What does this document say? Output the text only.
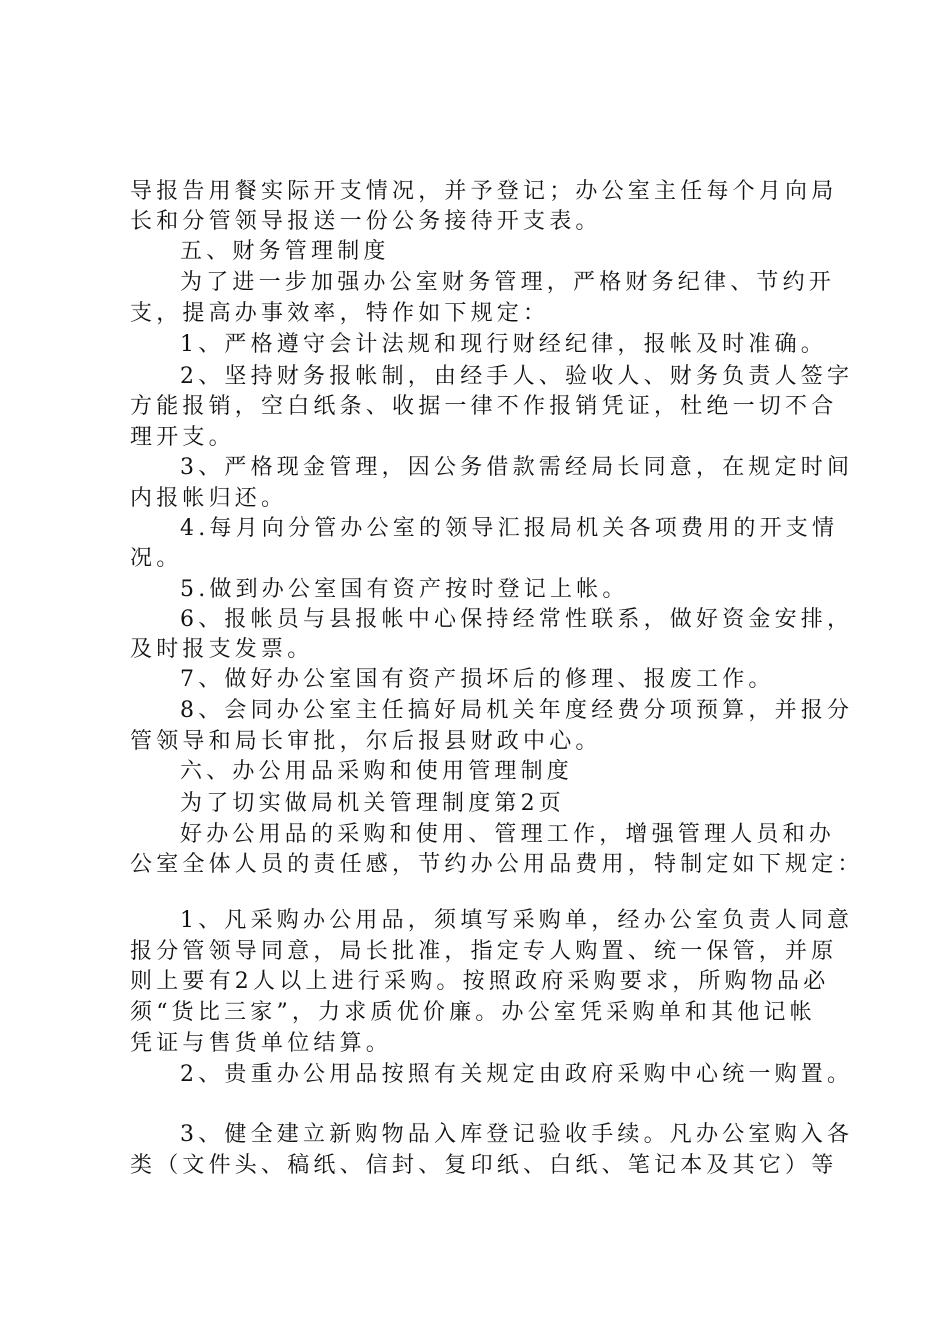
导报告用餐实际开支情况，并予登记；办公室主任每个月向局
长和分管领导报送一份公务接待开支表。
五、财务管理制度
为了进一步加强办公室财务管理，严格财务纪律、节约开
支，提高办事效率，特作如下规定：
1、严格遵守会计法规和现行财经纪律，报帐及时准确。
2、坚持财务报帐制，由经手人、验收人、财务负责人签字
方能报销，空白纸条、收据一律不作报销凭证，杜绝一切不合
理开支。
3、严格现金管理，因公务借款需经局长同意，在规定时间
内报帐归还。
4.每月向分管办公室的领导汇报局机关各项费用的开支情
况。
5.做到办公室国有资产按时登记上帐。
6、报帐员与县报帐中心保持经常性联系，做好资金安排，
及时报支发票。
7、做好办公室国有资产损坏后的修理、报废工作。
8、会同办公室主任搞好局机关年度经费分项预算，并报分
管领导和局长审批，尔后报县财政中心。
六、办公用品采购和使用管理制度
为了切实做局机关管理制度第2页
好办公用品的采购和使用、管理工作，增强管理人员和办
公室全体人员的责任感，节约办公用品费用，特制定如下规定：
1、凡采购办公用品，须填写采购单，经办公室负责人同意
报分管领导同意，局长批准，指定专人购置、统一保管，并原
则上要有2人以上进行采购。按照政府采购要求，所购物品必
须“货比三家”，力求质优价廉。办公室凭采购单和其他记帐
凭证与售货单位结算。
2、贵重办公用品按照有关规定由政府采购中心统一购置。
3、健全建立新购物品入库登记验收手续。凡办公室购入各
类（文件头、稿纸、信封、复印纸、白纸、笔记本及其它）等
